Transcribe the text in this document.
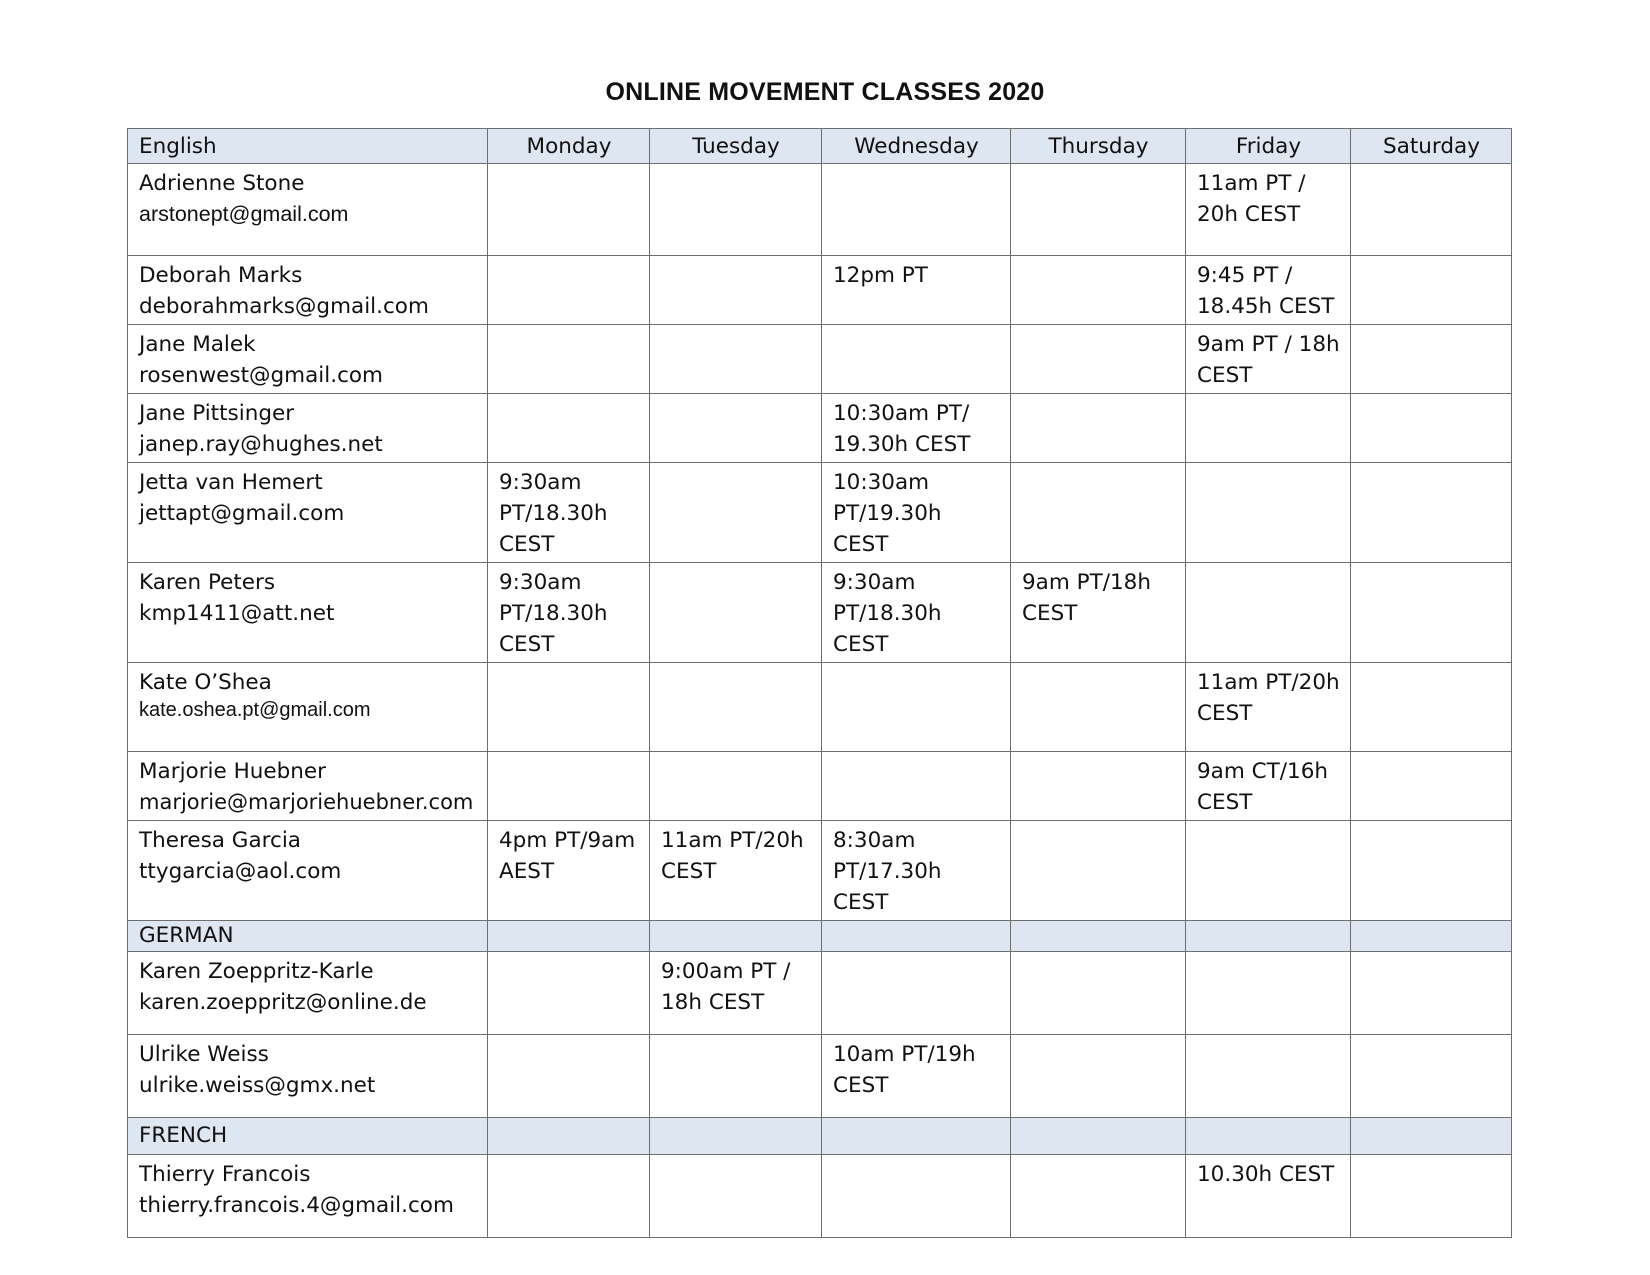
ONLINE MOVEMENT CLASSES 2020
English	Monday	Tuesday	Wednesday	Thursday	Friday	Saturday

Adrienne Stone
arstonept@gmail.com					11am PT / 20h CEST	

Deborah Marks
deborahmarks@gmail.com			12pm PT		9:45 PT / 18.45h CEST	

Jane Malek
rosenwest@gmail.com					9am PT / 18h CEST	

Jane Pittsinger
janep.ray@hughes.net			10:30am PT/ 19.30h CEST			

Jetta van Hemert
jettapt@gmail.com	9:30am PT/18.30h CEST		10:30am PT/19.30h CEST			

Karen Peters
kmp1411@att.net	9:30am PT/18.30h CEST		9:30am PT/18.30h CEST	9am PT/18h CEST		

Kate O’Shea
kate.oshea.pt@gmail.com					11am PT/20h CEST	

Marjorie Huebner
marjorie@marjoriehuebner.com					9am CT/16h CEST	

Theresa Garcia
ttygarcia@aol.com	4pm PT/9am AEST	11am PT/20h CEST	8:30am PT/17.30h CEST			
GERMAN						

Karen Zoeppritz-Karle
karen.zoeppritz@online.de		9:00am PT / 18h CEST				

Ulrike Weiss
ulrike.weiss@gmx.net			10am PT/19h CEST			
FRENCH						

Thierry Francois
thierry.francois.4@gmail.com					10.30h CEST	
